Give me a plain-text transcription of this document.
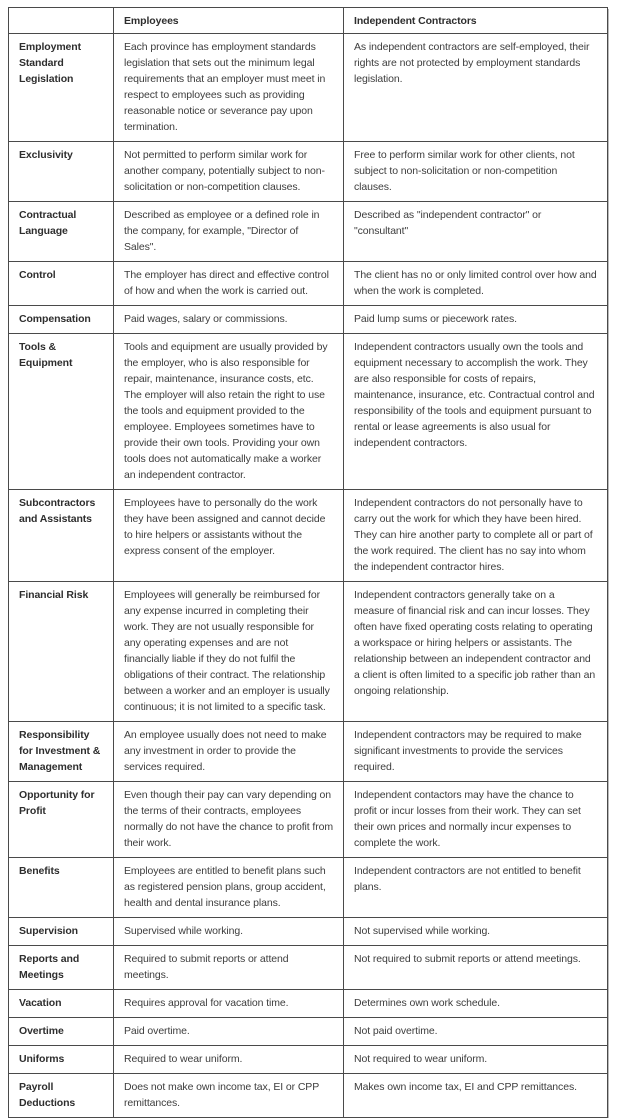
	Employees	Independent Contractors
Employment Standard Legislation	Each province has employment standards legislation that sets out the minimum legal requirements that an employer must meet in respect to employees such as providing reasonable notice or severance pay upon termination.	As independent contractors are self-employed, their rights are not protected by employment standards legislation.
Exclusivity	Not permitted to perform similar work for another company, potentially subject to non-solicitation or non-competition clauses.	Free to perform similar work for other clients, not subject to non-solicitation or non-competition clauses.
Contractual Language	Described as employee or a defined role in the company, for example, "Director of Sales".	Described as "independent contractor" or "consultant"
Control	The employer has direct and effective control of how and when the work is carried out.	The client has no or only limited control over how and when the work is completed.
Compensation	Paid wages, salary or commissions.	Paid lump sums or piecework rates.
Tools & Equipment	Tools and equipment are usually provided by the employer, who is also responsible for repair, maintenance, insurance costs, etc. The employer will also retain the right to use the tools and equipment provided to the employee. Employees sometimes have to provide their own tools. Providing your own tools does not automatically make a worker an independent contractor.	Independent contractors usually own the tools and equipment necessary to accomplish the work. They are also responsible for costs of repairs, maintenance, insurance, etc. Contractual control and responsibility of the tools and equipment pursuant to rental or lease agreements is also usual for independent contractors.
Subcontractors and Assistants	Employees have to personally do the work they have been assigned and cannot decide to hire helpers or assistants without the express consent of the employer.	Independent contractors do not personally have to carry out the work for which they have been hired. They can hire another party to complete all or part of the work required. The client has no say into whom the independent contractor hires.
Financial Risk	Employees will generally be reimbursed for any expense incurred in completing their work. They are not usually responsible for any operating expenses and are not financially liable if they do not fulfil the obligations of their contract. The relationship between a worker and an employer is usually continuous; it is not limited to a specific task.	Independent contractors generally take on a measure of financial risk and can incur losses. They often have fixed operating costs relating to operating a workspace or hiring helpers or assistants. The relationship between an independent contractor and a client is often limited to a specific job rather than an ongoing relationship.
Responsibility for Investment & Management	An employee usually does not need to make any investment in order to provide the services required.	Independent contractors may be required to make significant investments to provide the services required.
Opportunity for Profit	Even though their pay can vary depending on the terms of their contracts, employees normally do not have the chance to profit from their work.	Independent contactors may have the chance to profit or incur losses from their work. They can set their own prices and normally incur expenses to complete the work.
Benefits	Employees are entitled to benefit plans such as registered pension plans, group accident, health and dental insurance plans.	Independent contractors are not entitled to benefit plans.
Supervision	Supervised while working.	Not supervised while working.
Reports and Meetings	Required to submit reports or attend meetings.	Not required to submit reports or attend meetings.
Vacation	Requires approval for vacation time.	Determines own work schedule.
Overtime	Paid overtime.	Not paid overtime.
Uniforms	Required to wear uniform.	Not required to wear uniform.
Payroll Deductions	Does not make own income tax, EI or CPP remittances.	Makes own income tax, EI and CPP remittances.
